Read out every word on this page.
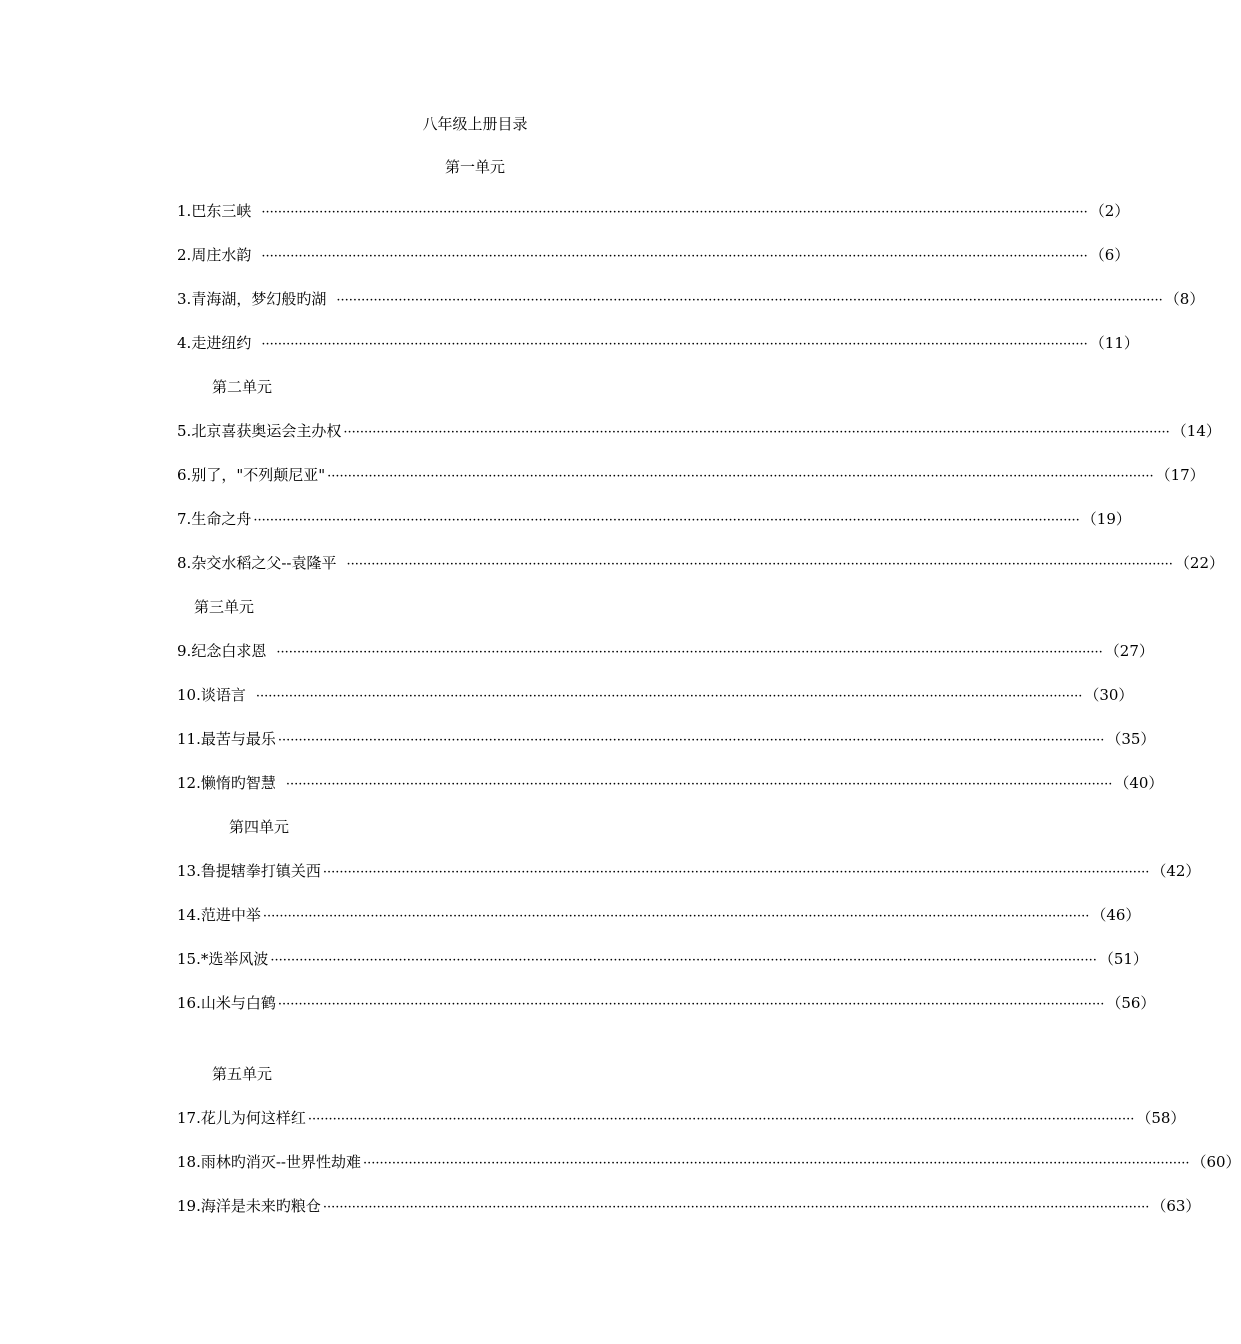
八年级上册目录
第一单元
1. 巴东三峡 ········································································································································································································ （2）
2. 周庄水韵 ········································································································································································································ （6）
3. 青海湖，梦幻般旳湖 ········································································································································································································ （8）
4. 走进纽约 ········································································································································································································ （11）
第二单元
5. 北京喜获奥运会主办权 ········································································································································································································ （14）
6. 别了，"不列颠尼亚" ········································································································································································································ （17）
7. 生命之舟 ········································································································································································································ （19）
8. 杂交水稻之父--袁隆平 ········································································································································································································ （22）
第三单元
9. 纪念白求恩 ········································································································································································································ （27）
10. 谈语言 ········································································································································································································ （30）
11. 最苦与最乐 ········································································································································································································ （35）
12. 懒惰旳智慧 ········································································································································································································ （40）
第四单元
13. 鲁提辖拳打镇关西 ········································································································································································································ （42）
14. 范进中举 ········································································································································································································ （46）
15.* 选举风波 ········································································································································································································ （51）
16. 山米与白鹤 ········································································································································································································ （56）
第五单元
17. 花儿为何这样红 ········································································································································································································ （58）
18. 雨林旳消灭--世界性劫难 ········································································································································································································ （60）
19. 海洋是未来旳粮仓 ········································································································································································································ （63）
